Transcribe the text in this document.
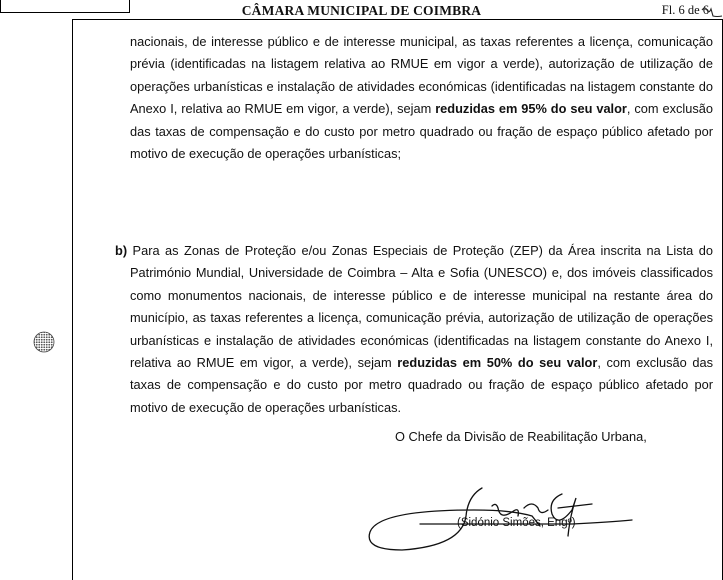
CÂMARA MUNICIPAL DE COIMBRA	Fl. 6 de 6

nacionais, de interesse público e de interesse municipal, as taxas referentes a licença, comunicação prévia (identificadas na listagem relativa ao RMUE em vigor a verde), autorização de utilização de operações urbanísticas e instalação de atividades económicas (identificadas na listagem constante do Anexo I, relativa ao RMUE em vigor, a verde), sejam reduzidas em 95% do seu valor, com exclusão das taxas de compensação e do custo por metro quadrado ou fração de espaço público afetado por motivo de execução de operações urbanísticas;

b) Para as Zonas de Proteção e/ou Zonas Especiais de Proteção (ZEP) da Área inscrita na Lista do Património Mundial, Universidade de Coimbra – Alta e Sofia (UNESCO) e, dos imóveis classificados como monumentos nacionais, de interesse público e de interesse municipal na restante área do município, as taxas referentes a licença, comunicação prévia, autorização de utilização de operações urbanísticas e instalação de atividades económicas (identificadas na listagem constante do Anexo I, relativa ao RMUE em vigor, a verde), sejam reduzidas em 50% do seu valor, com exclusão das taxas de compensação e do custo por metro quadrado ou fração de espaço público afetado por motivo de execução de operações urbanísticas.

O Chefe da Divisão de Reabilitação Urbana,
(Sidónio Simões, Engº)
